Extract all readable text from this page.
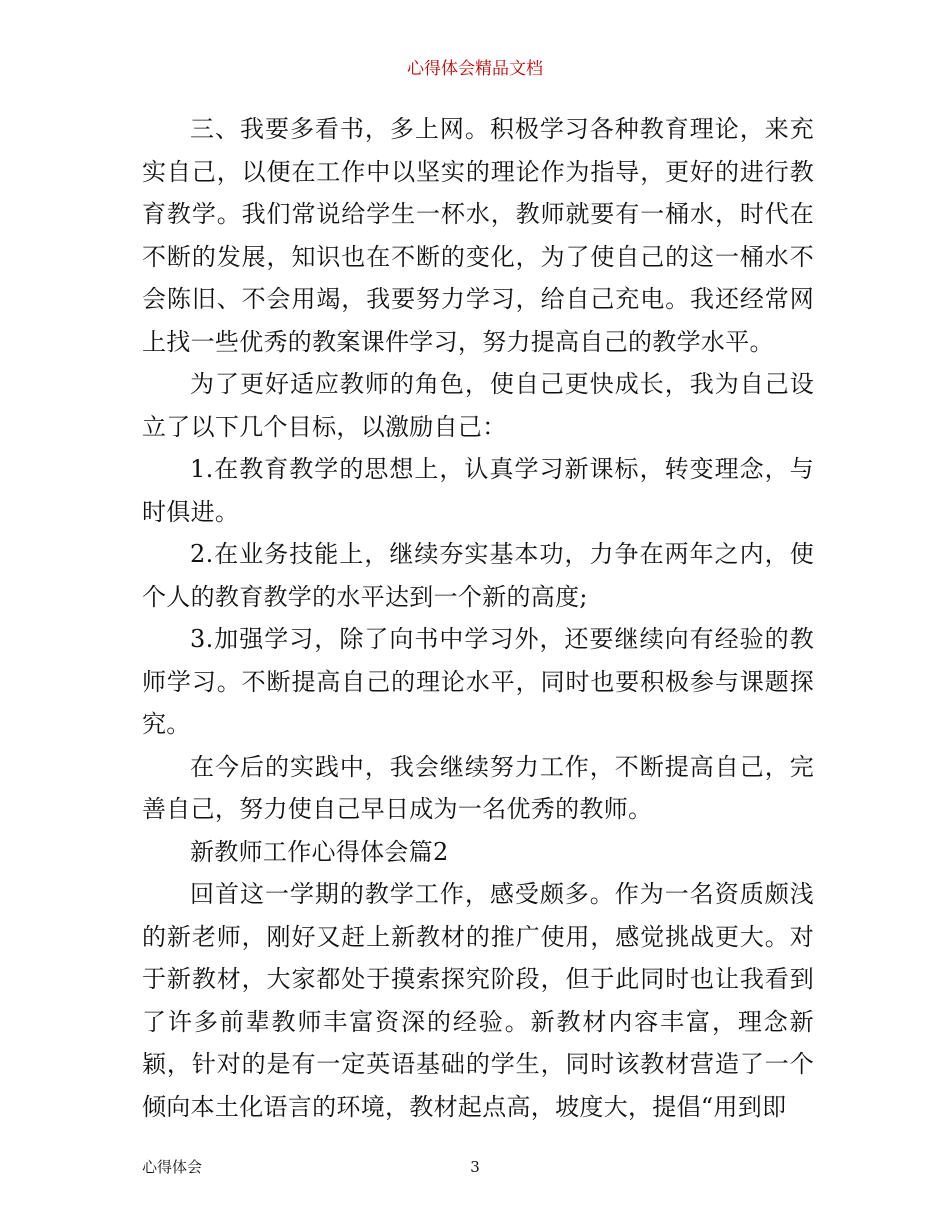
心得体会精品文档

三、我要多看书，多上网。积极学习各种教育理论，来充实自己，以便在工作中以坚实的理论作为指导，更好的进行教育教学。我们常说给学生一杯水，教师就要有一桶水，时代在不断的发展，知识也在不断的变化，为了使自己的这一桶水不会陈旧、不会用竭，我要努力学习，给自己充电。我还经常网上找一些优秀的教案课件学习，努力提高自己的教学水平。

为了更好适应教师的角色，使自己更快成长，我为自己设立了以下几个目标，以激励自己：

1.在教育教学的思想上，认真学习新课标，转变理念，与时俱进。

2.在业务技能上，继续夯实基本功，力争在两年之内，使个人的教育教学的水平达到一个新的高度;

3.加强学习，除了向书中学习外，还要继续向有经验的教师学习。不断提高自己的理论水平，同时也要积极参与课题探究。

在今后的实践中，我会继续努力工作，不断提高自己，完善自己，努力使自己早日成为一名优秀的教师。

新教师工作心得体会篇2

回首这一学期的教学工作，感受颇多。作为一名资质颇浅的新老师，刚好又赶上新教材的推广使用，感觉挑战更大。对于新教材，大家都处于摸索探究阶段，但于此同时也让我看到了许多前辈教师丰富资深的经验。新教材内容丰富，理念新颖，针对的是有一定英语基础的学生，同时该教材营造了一个倾向本土化语言的环境，教材起点高，坡度大，提倡“用到即

心得体会	3
